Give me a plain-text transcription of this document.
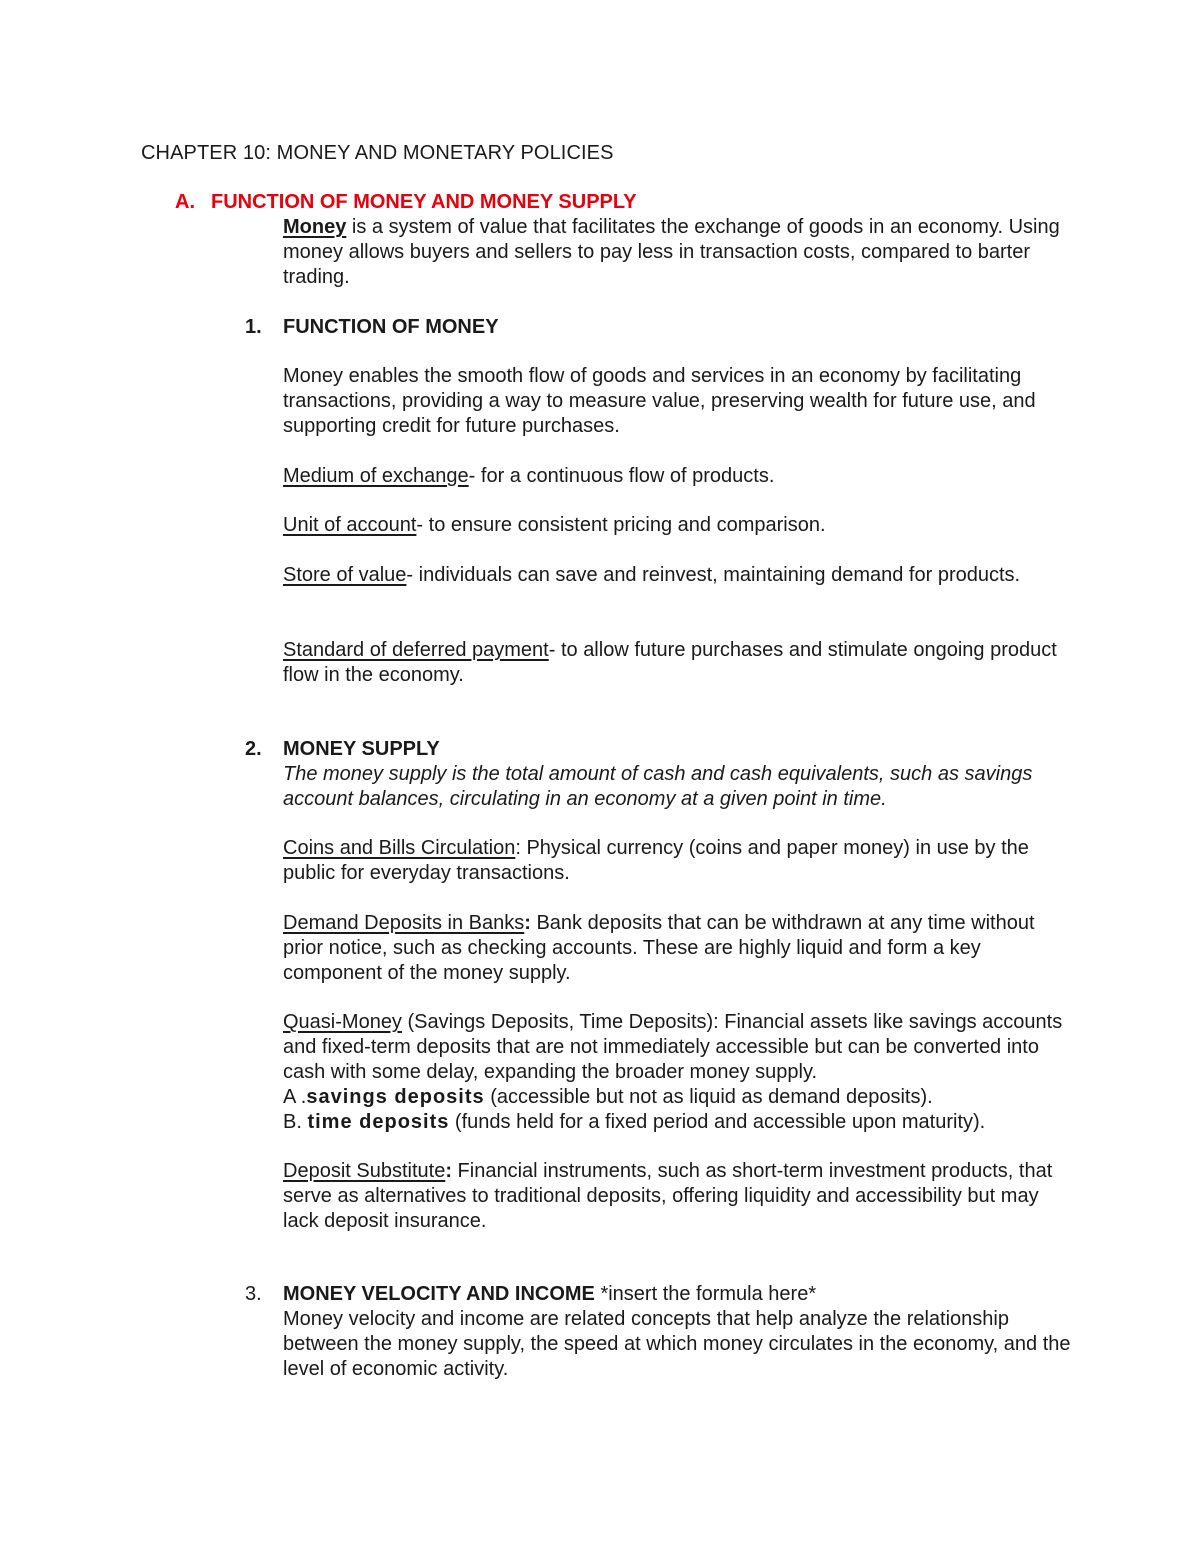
CHAPTER 10: MONEY AND MONETARY POLICIES
A. FUNCTION OF MONEY AND MONEY SUPPLY

Money is a system of value that facilitates the exchange of goods in an economy. Using money allows buyers and sellers to pay less in transaction costs, compared to barter trading.

1. FUNCTION OF MONEY

Money enables the smooth flow of goods and services in an economy by facilitating transactions, providing a way to measure value, preserving wealth for future use, and supporting credit for future purchases.

Medium of exchange- for a continuous flow of products.

Unit of account- to ensure consistent pricing and comparison.

Store of value- individuals can save and reinvest, maintaining demand for products.

Standard of deferred payment- to allow future purchases and stimulate ongoing product flow in the economy.

2. MONEY SUPPLY

The money supply is the total amount of cash and cash equivalents, such as savings account balances, circulating in an economy at a given point in time.

Coins and Bills Circulation: Physical currency (coins and paper money) in use by the public for everyday transactions.

Demand Deposits in Banks: Bank deposits that can be withdrawn at any time without prior notice, such as checking accounts. These are highly liquid and form a key component of the money supply.

Quasi-Money (Savings Deposits, Time Deposits): Financial assets like savings accounts and fixed-term deposits that are not immediately accessible but can be converted into cash with some delay, expanding the broader money supply.

A .savings deposits (accessible but not as liquid as demand deposits).

B. time deposits (funds held for a fixed period and accessible upon maturity).

Deposit Substitute: Financial instruments, such as short-term investment products, that serve as alternatives to traditional deposits, offering liquidity and accessibility but may lack deposit insurance.

3. MONEY VELOCITY AND INCOME *insert the formula here*

Money velocity and income are related concepts that help analyze the relationship between the money supply, the speed at which money circulates in the economy, and the level of economic activity.
